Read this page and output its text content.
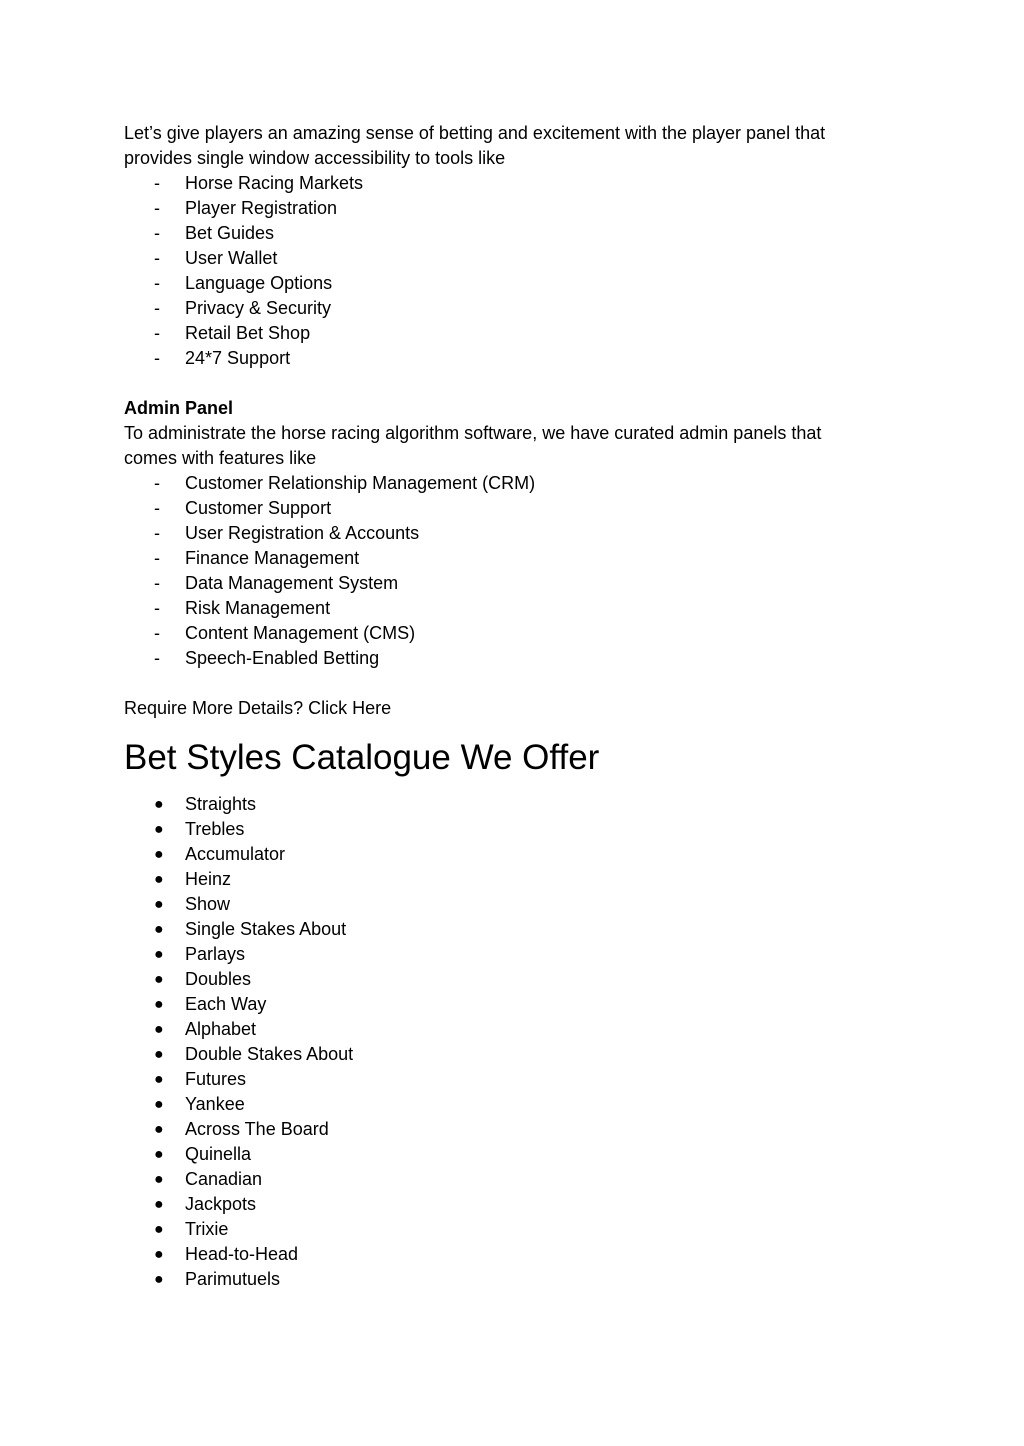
Let’s give players an amazing sense of betting and excitement with the player panel that
provides single window accessibility to tools like

-	Horse Racing Markets
-	Player Registration
-	Bet Guides
-	User Wallet
-	Language Options
-	Privacy & Security
-	Retail Bet Shop
-	24*7 Support

Admin Panel

To administrate the horse racing algorithm software, we have curated admin panels that
comes with features like

-	Customer Relationship Management (CRM)
-	Customer Support
-	User Registration & Accounts
-	Finance Management
-	Data Management System
-	Risk Management
-	Content Management (CMS)
-	Speech-Enabled Betting

Require More Details? Click Here

Bet Styles Catalogue We Offer
●	Straights
●	Trebles
●	Accumulator
●	Heinz
●	Show
●	Single Stakes About
●	Parlays
●	Doubles
●	Each Way
●	Alphabet
●	Double Stakes About
●	Futures
●	Yankee
●	Across The Board
●	Quinella
●	Canadian
●	Jackpots
●	Trixie
●	Head-to-Head
●	Parimutuels
